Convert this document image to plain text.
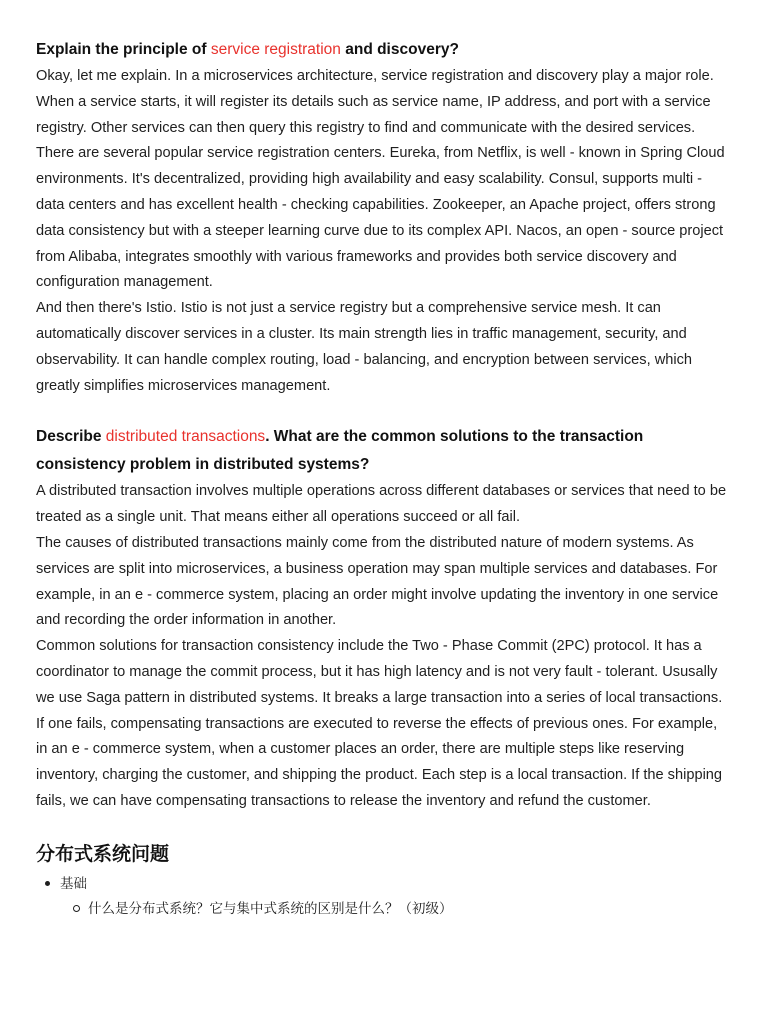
Explain the principle of service registration and discovery?

Okay, let me explain. In a microservices architecture, service registration and discovery play a major role. When a service starts, it will register its details such as service name, IP address, and port with a service registry. Other services can then query this registry to find and communicate with the desired services.

There are several popular service registration centers. Eureka, from Netflix, is well - known in Spring Cloud environments. It's decentralized, providing high availability and easy scalability. Consul, supports multi - data centers and has excellent health - checking capabilities. Zookeeper, an Apache project, offers strong data consistency but with a steeper learning curve due to its complex API. Nacos, an open - source project from Alibaba, integrates smoothly with various frameworks and provides both service discovery and configuration management.

And then there's Istio. Istio is not just a service registry but a comprehensive service mesh. It can automatically discover services in a cluster. Its main strength lies in traffic management, security, and observability. It can handle complex routing, load - balancing, and encryption between services, which greatly simplifies microservices management.

Describe distributed transactions. What are the common solutions to the transaction consistency problem in distributed systems?

A distributed transaction involves multiple operations across different databases or services that need to be treated as a single unit. That means either all operations succeed or all fail.

The causes of distributed transactions mainly come from the distributed nature of modern systems. As services are split into microservices, a business operation may span multiple services and databases. For example, in an e - commerce system, placing an order might involve updating the inventory in one service and recording the order information in another.

Common solutions for transaction consistency include the Two - Phase Commit (2PC) protocol. It has a coordinator to manage the commit process, but it has high latency and is not very fault - tolerant. Ususally we use Saga pattern in distributed systems. It breaks a large transaction into a series of local transactions. If one fails, compensating transactions are executed to reverse the effects of previous ones. For example, in an e - commerce system, when a customer places an order, there are multiple steps like reserving inventory, charging the customer, and shipping the product. Each step is a local transaction. If the shipping fails, we can have compensating transactions to release the inventory and refund the customer.

分布式系统问题
基础
什么是分布式系统？它与集中式系统的区别是什么？（初级）
